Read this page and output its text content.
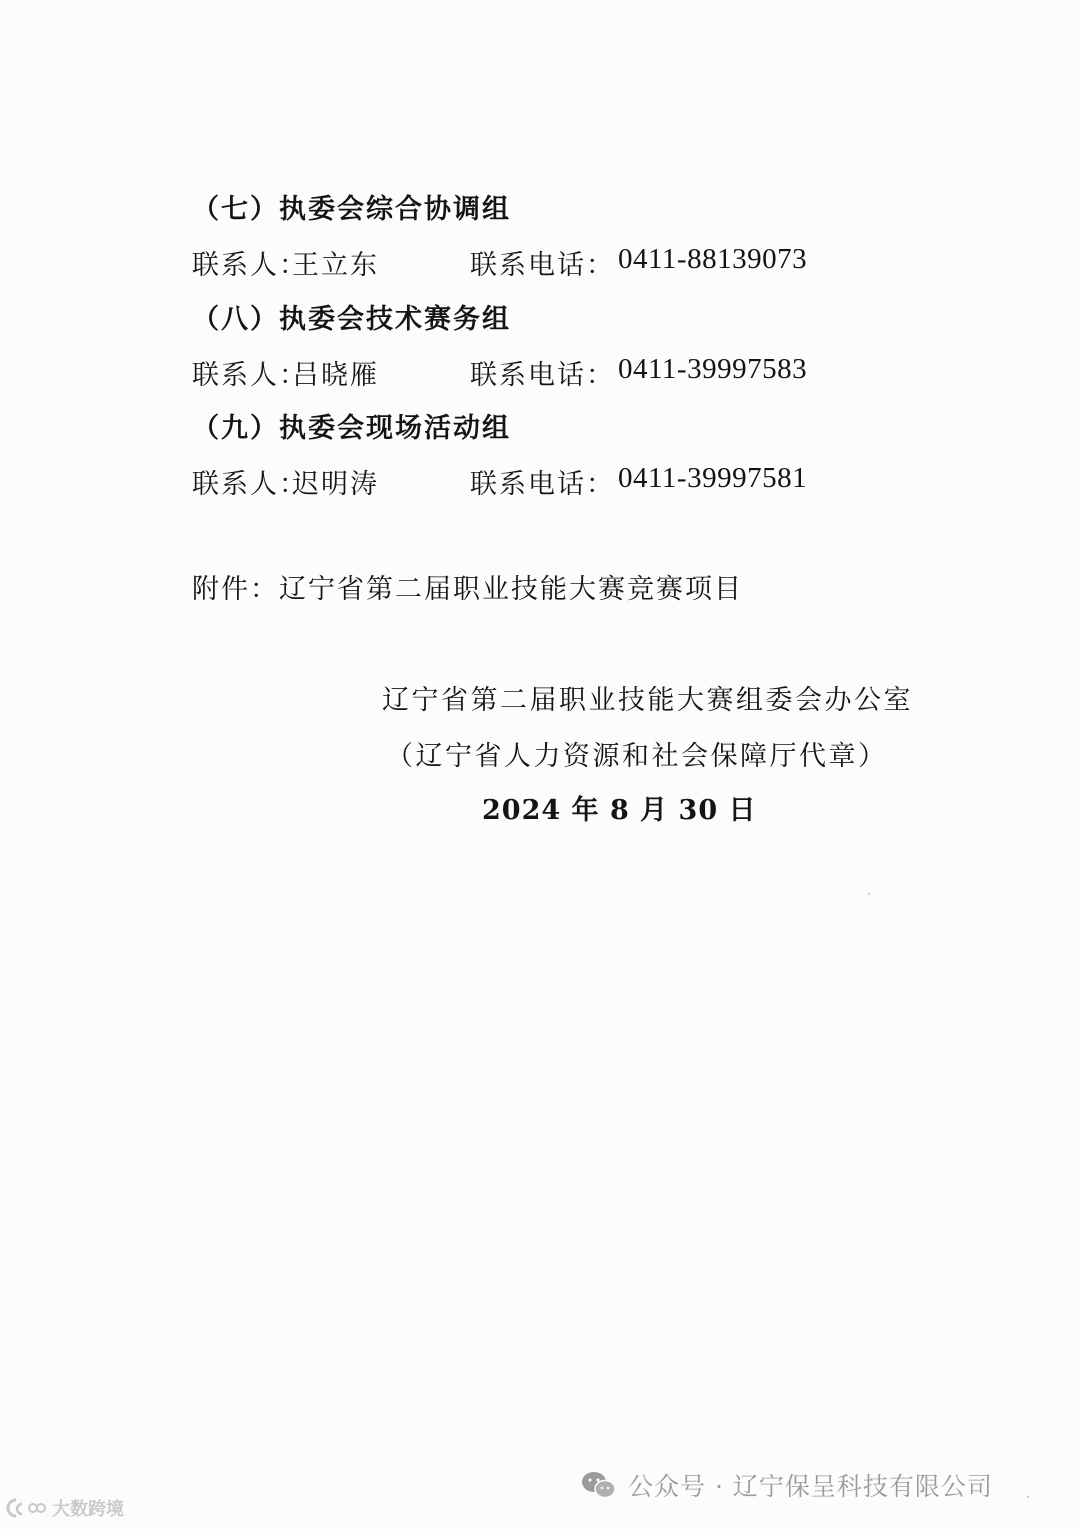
（七）执委会综合协调组
联系人：
王立东	联系电话： 0411-88139073
（八）执委会技术赛务组
联系人：
吕晓雁	联系电话： 0411-39997583
（九）执委会现场活动组
联系人：
迟明涛	联系电话： 0411-39997581
附件：辽宁省第二届职业技能大赛竞赛项目
辽宁省第二届职业技能大赛组委会办公室
（辽宁省人力资源和社会保障厅代章）
2024 年 8 月 30 日
公众号 · 辽宁保呈科技有限公司
大数跨境
